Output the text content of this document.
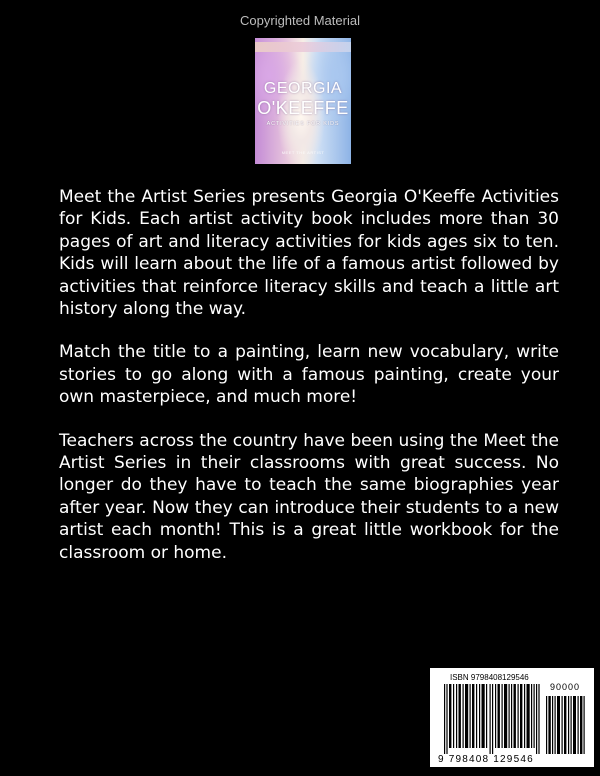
Copyrighted Material
GEORGIA
O'KEEFFE
ACTIVITIES FOR KIDS
MEET THE ARTIST

Meet the Artist Series presents Georgia O'Keeffe Activities for Kids. Each artist activity book includes more than 30 pages of art and literacy activities for kids ages six to ten. Kids will learn about the life of a famous artist followed by activities that reinforce literacy skills and teach a little art history along the way.

Match the title to a painting, learn new vocabulary, write stories to go along with a famous painting, create your own masterpiece, and much more!

Teachers across the country have been using the Meet the Artist Series in their classrooms with great success. No longer do they have to teach the same biographies year after year. Now they can introduce their students to a new artist each month! This is a great little workbook for the classroom or home.

ISBN 9798408129546
90000
9 798408 129546
